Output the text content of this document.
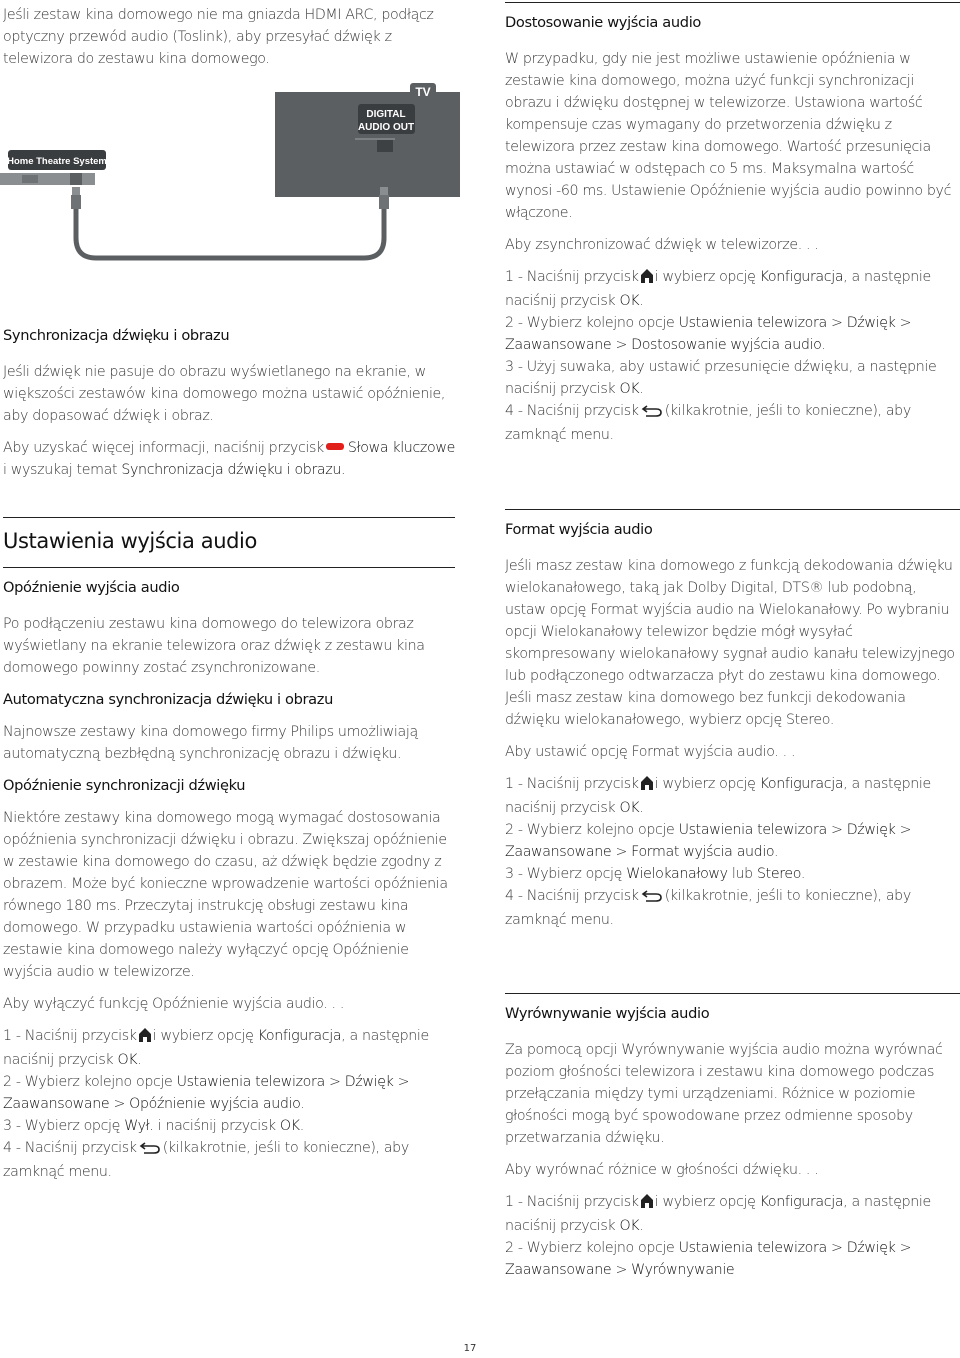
Jeśli zestaw kina domowego nie ma gniazda HDMI ARC, podłącz optyczny przewód audio (Toslink), aby przesyłać dźwięk z telewizora do zestawu kina domowego.

TV
DIGITAL
AUDIO OUT
Home Theatre System

Synchronizacja dźwięku i obrazu

Jeśli dźwięk nie pasuje do obrazu wyświetlanego na ekranie, w większości zestawów kina domowego można ustawić opóźnienie, aby dopasować dźwięk i obraz.

Aby uzyskać więcej informacji, naciśnij przycisk Słowa kluczowe i wyszukaj temat Synchronizacja dźwięku i obrazu.

Dostosowanie wyjścia audio

W przypadku, gdy nie jest możliwe ustawienie opóźnienia w zestawie kina domowego, można użyć funkcji synchronizacji obrazu i dźwięku dostępnej w telewizorze. Ustawiona wartość kompensuje czas wymagany do przetworzenia dźwięku z telewizora przez zestaw kina domowego. Wartość przesunięcia można ustawiać w odstępach co 5 ms. Maksymalna wartość wynosi -60 ms. Ustawienie Opóźnienie wyjścia audio powinno być włączone.

Aby zsynchronizować dźwięk w telewizorze. . .

1 - Naciśnij przycisk i wybierz opcję Konfiguracja, a następnie naciśnij przycisk OK.

2 - Wybierz kolejno opcje Ustawienia telewizora > Dźwięk > Zaawansowane > Dostosowanie wyjścia audio.

3 - Użyj suwaka, aby ustawić przesunięcie dźwięku, a następnie naciśnij przycisk OK.

4 - Naciśnij przycisk (kilkakrotnie, jeśli to konieczne), aby zamknąć menu.

Ustawienia wyjścia audio

Opóźnienie wyjścia audio

Po podłączeniu zestawu kina domowego do telewizora obraz wyświetlany na ekranie telewizora oraz dźwięk z zestawu kina domowego powinny zostać zsynchronizowane.

Automatyczna synchronizacja dźwięku i obrazu

Najnowsze zestawy kina domowego firmy Philips umożliwiają automatyczną bezbłędną synchronizację obrazu i dźwięku.

Opóźnienie synchronizacji dźwięku

Niektóre zestawy kina domowego mogą wymagać dostosowania opóźnienia synchronizacji dźwięku i obrazu. Zwiększaj opóźnienie w zestawie kina domowego do czasu, aż dźwięk będzie zgodny z obrazem. Może być konieczne wprowadzenie wartości opóźnienia równego 180 ms. Przeczytaj instrukcję obsługi zestawu kina domowego. W przypadku ustawienia wartości opóźnienia w zestawie kina domowego należy wyłączyć opcję Opóźnienie wyjścia audio w telewizorze.

Aby wyłączyć funkcję Opóźnienie wyjścia audio. . .

1 - Naciśnij przycisk i wybierz opcję Konfiguracja, a następnie naciśnij przycisk OK.

2 - Wybierz kolejno opcje Ustawienia telewizora > Dźwięk > Zaawansowane > Opóźnienie wyjścia audio.

3 - Wybierz opcję Wył. i naciśnij przycisk OK.

4 - Naciśnij przycisk (kilkakrotnie, jeśli to konieczne), aby zamknąć menu.

Format wyjścia audio

Jeśli masz zestaw kina domowego z funkcją dekodowania dźwięku wielokanałowego, taką jak Dolby Digital, DTS® lub podobną, ustaw opcję Format wyjścia audio na Wielokanałowy. Po wybraniu opcji Wielokanałowy telewizor będzie mógł wysyłać skompresowany wielokanałowy sygnał audio kanału telewizyjnego lub podłączonego odtwarzacza płyt do zestawu kina domowego. Jeśli masz zestaw kina domowego bez funkcji dekodowania dźwięku wielokanałowego, wybierz opcję Stereo.

Aby ustawić opcję Format wyjścia audio. . .

1 - Naciśnij przycisk i wybierz opcję Konfiguracja, a następnie naciśnij przycisk OK.

2 - Wybierz kolejno opcje Ustawienia telewizora > Dźwięk > Zaawansowane > Format wyjścia audio.

3 - Wybierz opcję Wielokanałowy lub Stereo.

4 - Naciśnij przycisk (kilkakrotnie, jeśli to konieczne), aby zamknąć menu.

Wyrównywanie wyjścia audio

Za pomocą opcji Wyrównywanie wyjścia audio można wyrównać poziom głośności telewizora i zestawu kina domowego podczas przełączania między tymi urządzeniami. Różnice w poziomie głośności mogą być spowodowane przez odmienne sposoby przetwarzania dźwięku.

Aby wyrównać różnice w głośności dźwięku. . .

1 - Naciśnij przycisk i wybierz opcję Konfiguracja, a następnie naciśnij przycisk OK.

2 - Wybierz kolejno opcje Ustawienia telewizora > Dźwięk > Zaawansowane > Wyrównywanie

17
